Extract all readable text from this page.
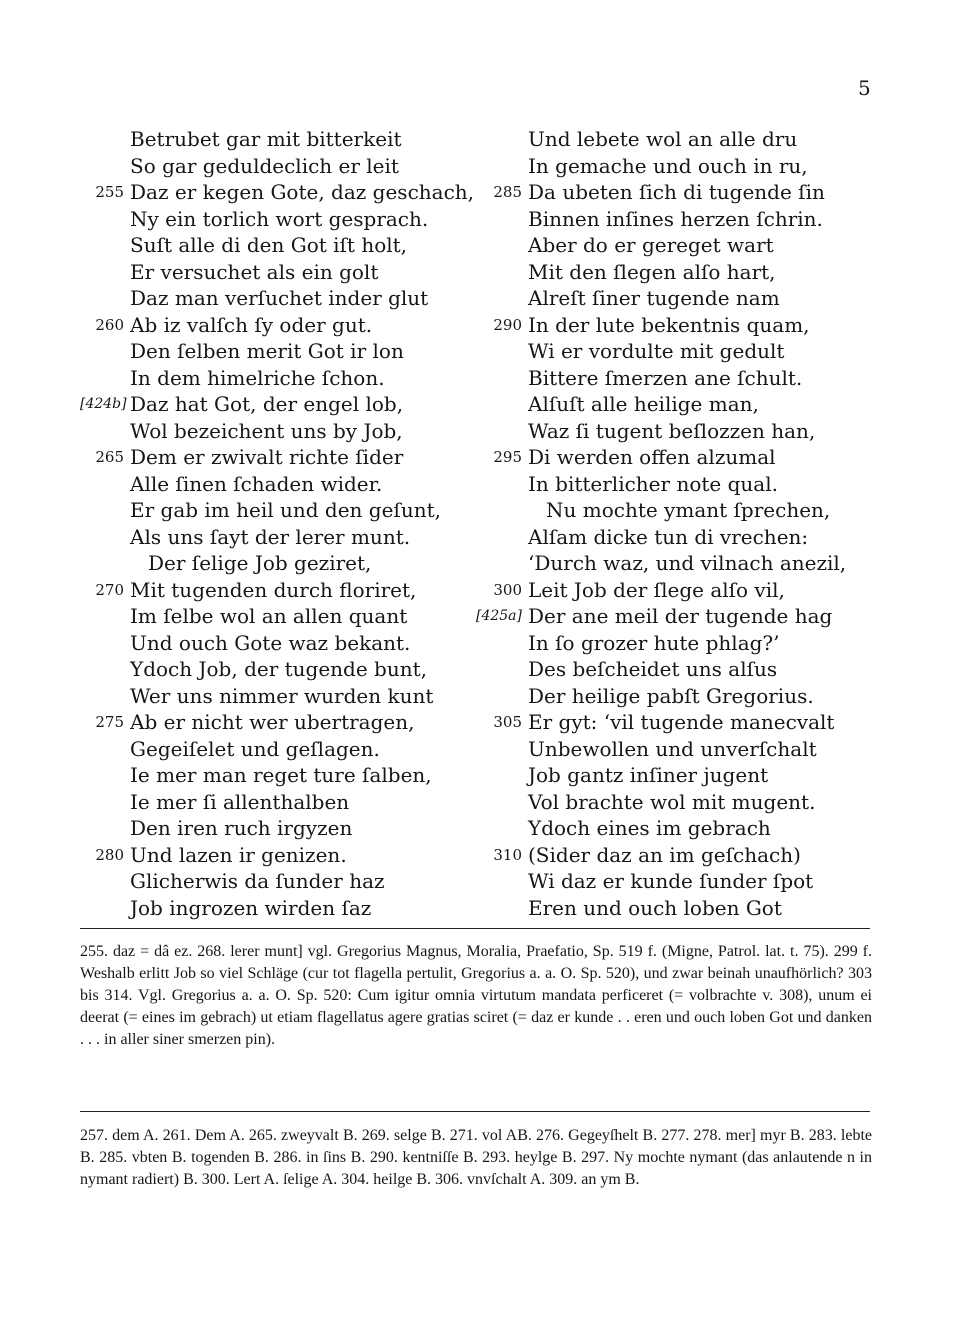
5
Betrubet gar mit bitterkeit
So gar geduldeclich er leit
255 Daz er kegen Gote, daz geschach,
Ny ein torlich wort gesprach.
Suſt alle di den Got iſt holt,
Er versuchet als ein golt
Daz man verſuchet inder glut
260 Ab iz valſch ſy oder gut.
Den ſelben merit Got ir lon
In dem himelriche ſchon.
[424b] Daz hat Got, der engel lob,
Wol bezeichent uns by Job,
265 Dem er zwivalt richte ſider
Alle ſinen ſchaden wider.
Er gab im heil und den geſunt,
Als uns ſayt der lerer munt.
Der ſelige Job geziret,
270 Mit tugenden durch floriret,
Im ſelbe wol an allen quant
Und ouch Gote waz bekant.
Ydoch Job, der tugende bunt,
Wer uns nimmer wurden kunt
275 Ab er nicht wer ubertragen,
Gegeiſelet und geſlagen.
Ie mer man reget ture ſalben,
Ie mer ſi allenthalben
Den iren ruch irgyzen
280 Und lazen ir genizen.
Glicherwis da ſunder haz
Job ingrozen wirden ſaz
Und lebete wol an alle dru
In gemache und ouch in ru,
285 Da ubeten ſich di tugende ſin
Binnen inſines herzen ſchrin.
Aber do er gereget wart
Mit den ſlegen alſo hart,
Alreſt ſiner tugende nam
290 In der lute bekentnis quam,
Wi er vordulte mit gedult
Bittere ſmerzen ane ſchult.
Alſuſt alle heilige man,
Waz ſi tugent beſlozzen han,
295 Di werden offen alzumal
In bitterlicher note qual.
Nu mochte ymant ſprechen,
Alſam dicke tun di vrechen:
‘Durch waz, und vilnach anezil,
300 Leit Job der ſlege alſo vil,
[425a] Der ane meil der tugende hag
In ſo grozer hute phlag?’
Des beſcheidet uns alſus
Der heilige pabſt Gregorius.
305 Er gyt: ‘vil tugende manecvalt
Unbewollen und unverſchalt
Job gantz inſiner jugent
Vol brachte wol mit mugent.
Ydoch eines im gebrach
310 (Sider daz an im geſchach)
Wi daz er kunde ſunder ſpot
Eren und ouch loben Got

255. daz = dâ ez. 268. lerer munt] vgl. Gregorius Magnus, Moralia, Praefatio, Sp. 519 f. (Migne, Patrol. lat. t. 75). 299 f. Weshalb erlitt Job so viel Schläge (cur tot flagella pertulit, Gregorius a. a. O. Sp. 520), und zwar beinah unaufhörlich? 303 bis 314. Vgl. Gregorius a. a. O. Sp. 520: Cum igitur omnia virtutum mandata perficeret (= volbrachte v. 308), unum ei deerat (= eines im gebrach) ut etiam flagellatus agere gratias sciret (= daz er kunde . . eren und ouch loben Got und danken . . . in aller siner smerzen pin).

257. dem A. 261. Dem A. 265. zweyvalt B. 269. selge B. 271. vol AB. 276. Gegeyſhelt B. 277. 278. mer] myr B. 283. lebte B. 285. vbten B. togenden B. 286. in ſins B. 290. kentniſſe B. 293. heylge B. 297. Ny mochte nymant (das anlautende n in nymant radiert) B. 300. Lert A. ſelige A. 304. heilge B. 306. vnvſchalt A. 309. an ym B.
